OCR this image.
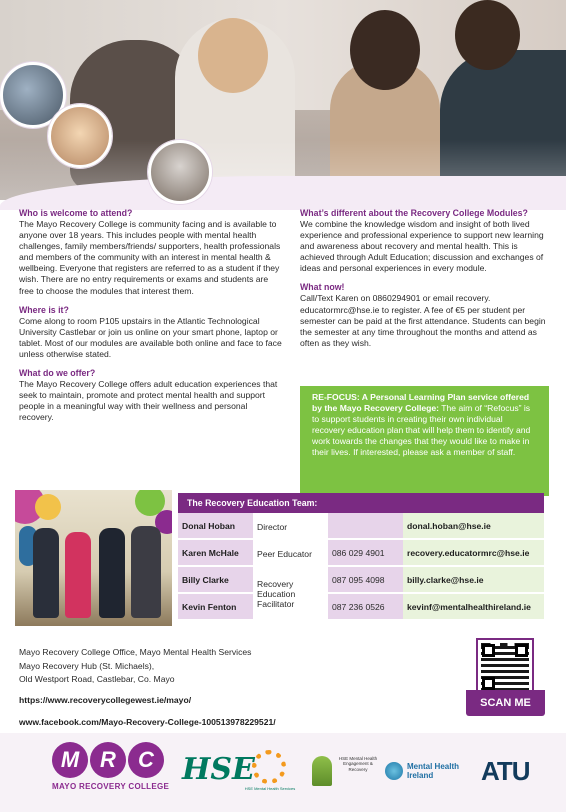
Who is welcome to attend?

The Mayo Recovery College is community facing and is available to anyone over 18 years. This includes people with mental health challenges, family members/friends/ supporters, health professionals and members of the community with an interest in mental health & wellbeing. Everyone that registers are referred to as a student if they wish. There are no entry requirements or exams and students are free to choose the modules that interest them.

Where is it?

Come along to room P105 upstairs in the Atlantic Technological University Castlebar or join us online on your smart phone, laptop or tablet. Most of our modules are available both online and face to face unless otherwise stated.

What do we offer?

The Mayo Recovery College offers adult education experiences that seek to maintain, promote and protect mental health and support people in a meaningful way with their wellness and personal recovery.

What’s different about the Recovery College Modules?

We combine the knowledge wisdom and insight of both lived experience and professional experience to support new learning and awareness about recovery and mental health. This is achieved through Adult Education; discussion and exchanges of ideas and personal experiences in every module.

What now!

Call/Text Karen on 0860294901 or email recovery. educatormrc@hse.ie to register. A fee of €5 per student per semester can be paid at the first attendance. Students can begin the semester at any time throughout the months and attend as often as they wish.

RE-FOCUS: A Personal Learning Plan service offered by the Mayo Recovery College: The aim of “Refocus” is to support students in creating their own individual recovery education plan that will help them to identify and work towards the changes that they would like to make in their lives. If interested, please ask a member of staff.
The Recovery Education Team:
Donal Hoban	Director		donal.hoban@hse.ie
Karen McHale	Peer Educator	086 029 4901	recovery.educatormrc@hse.ie
Billy Clarke	Recovery Education Facilitator	087 095 4098	billy.clarke@hse.ie
Kevin Fenton		087 236 0526	kevinf@mentalhealthireland.ie
Mayo Recovery College Office, Mayo Mental Health Services
Mayo Recovery Hub (St. Michaels),
Old Westport Road, Castlebar, Co. Mayo
https://www.recoverycollegewest.ie/mayo/
www.facebook.com/Mayo-Recovery-College-100513978229521/
SCAN ME
M R	C
MAYO RECOVERY COLLEGE HSE
HSE Mental Health Services
HSE Mental Health Engagement & Recovery	Mental Health
Ireland	ATU
